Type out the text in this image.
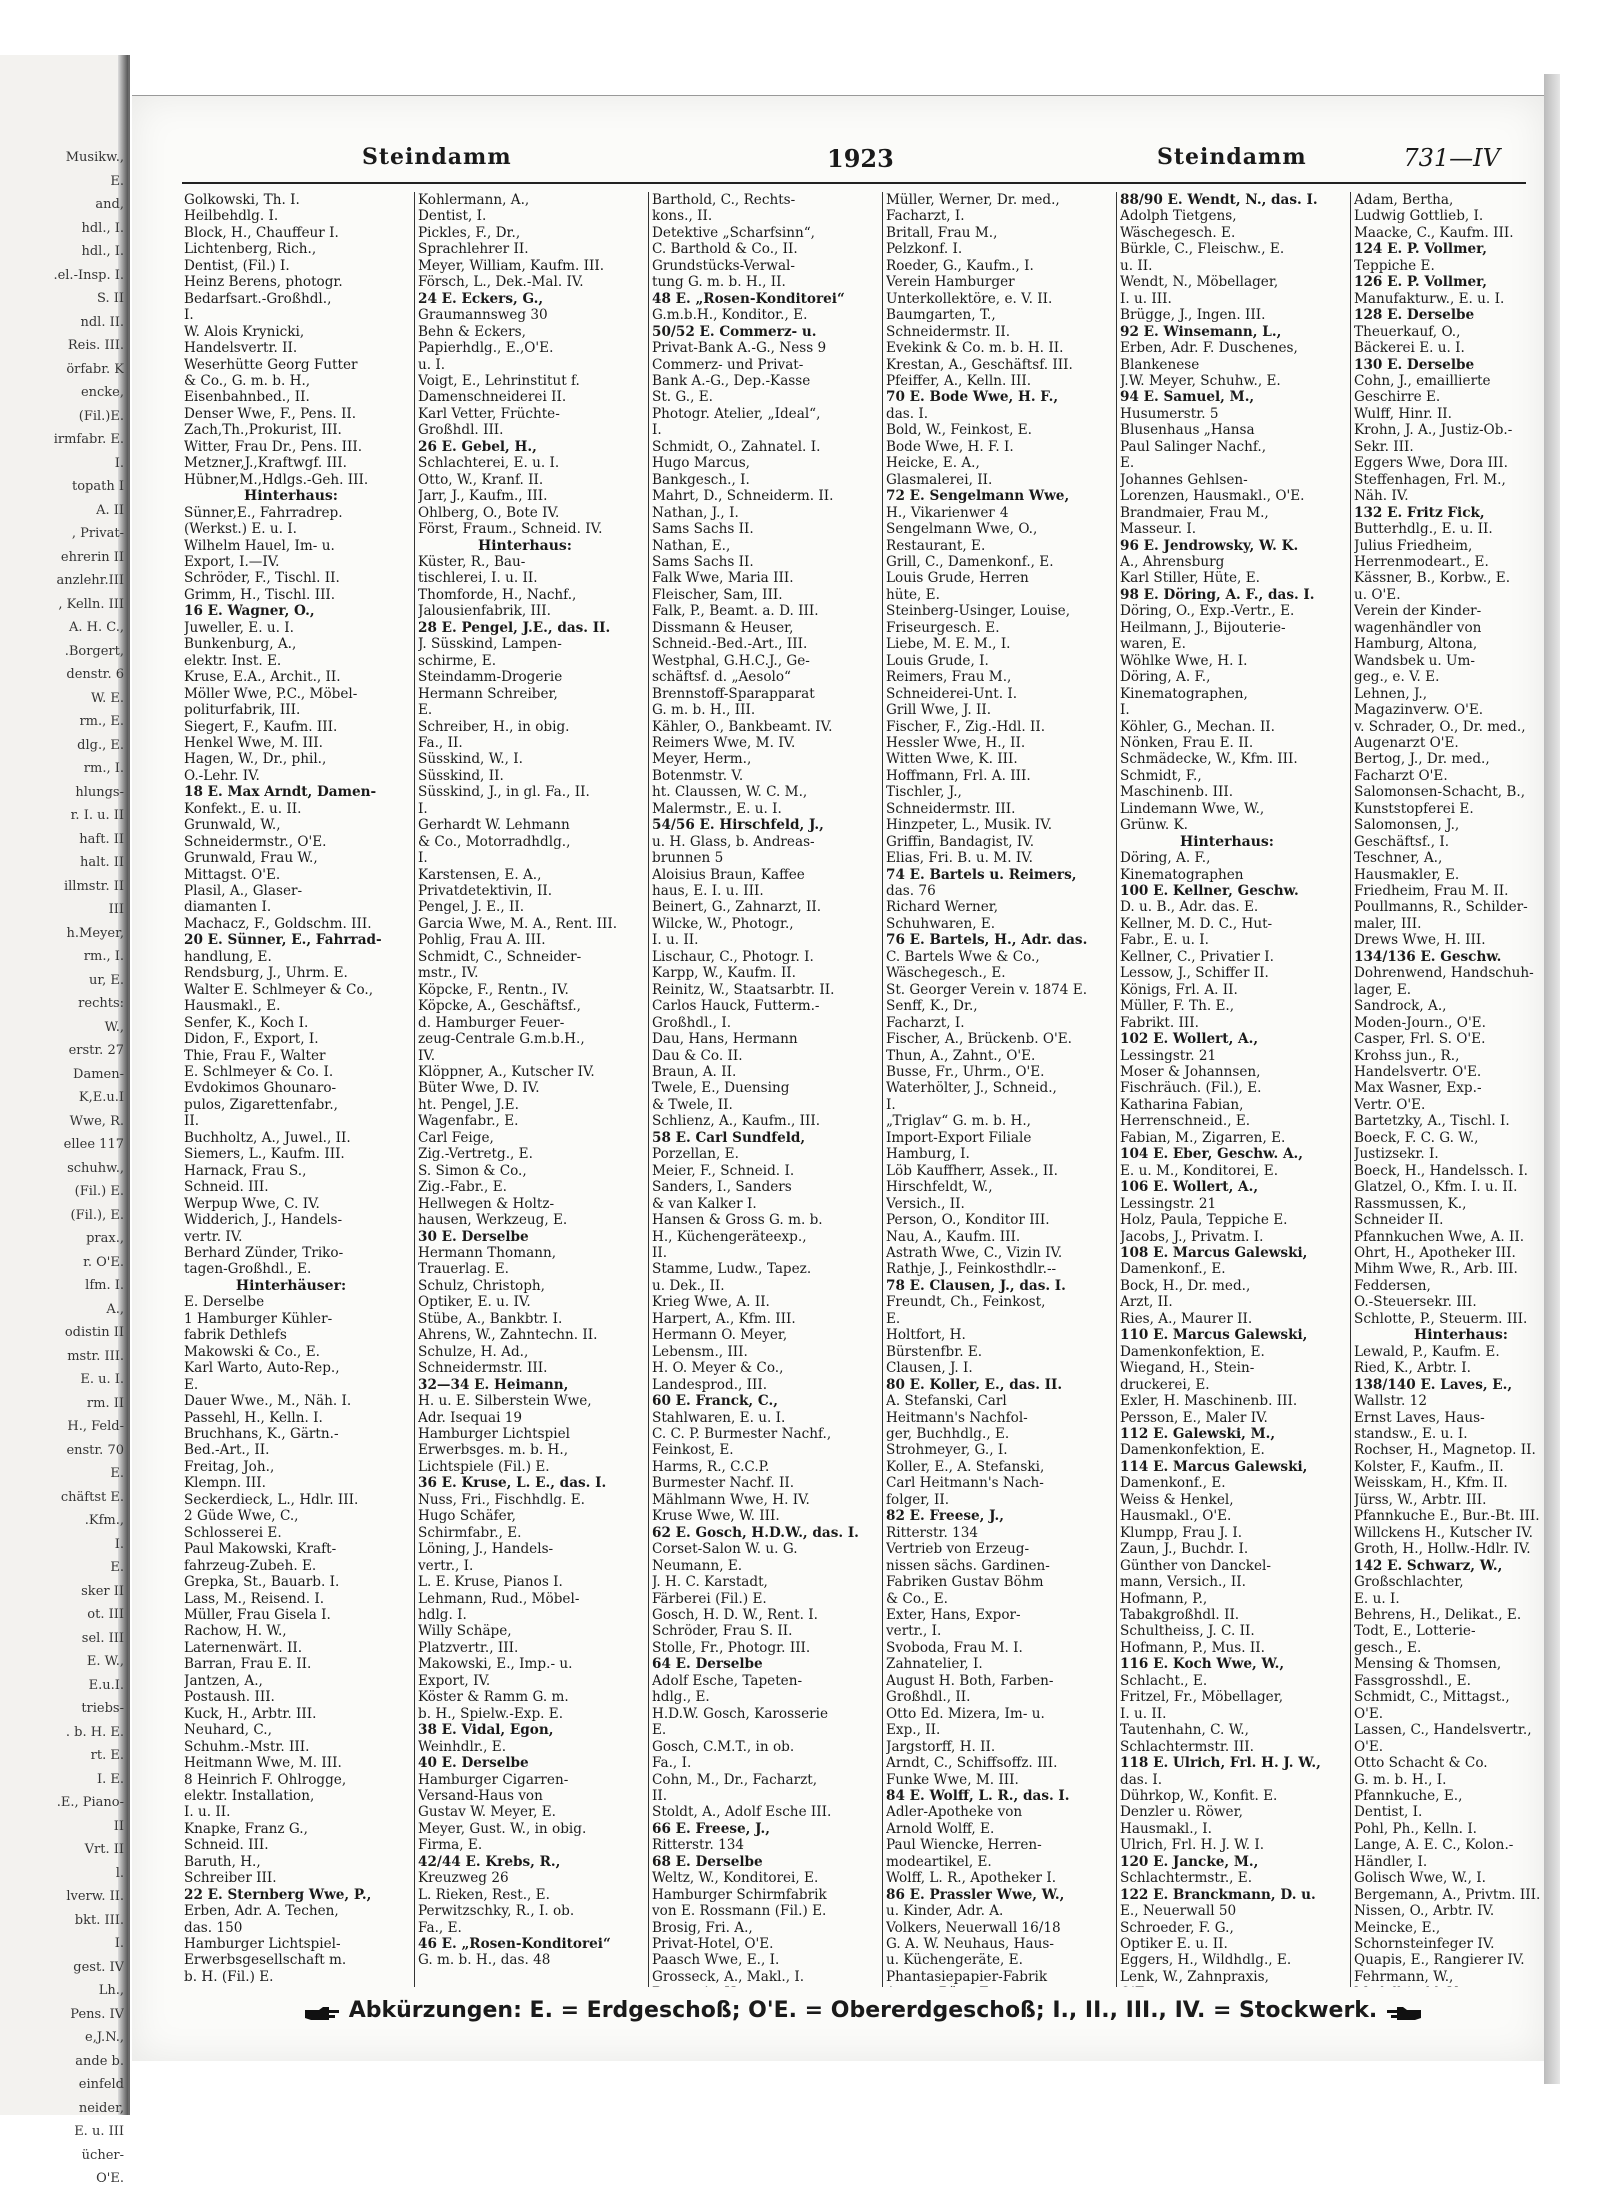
Musikw.,
E.
and,
hdl., I.
hdl., I.
.el.-Insp. I.
S. II
ndl. II.
Reis. III.
örfabr. K
encke,
(Fil.)E.
irmfabr. E.
I.
topath I
A. II
, Privat-
ehrerin II
anzlehr.III
, Kelln. III
A. H. C.,
.Borgert,
denstr. 6
W. E.
rm., E.
dlg., E.
rm., I.
hlungs-
r. I. u. II
haft. II
halt. II
illmstr. II
III
h.Meyer,
rm., I.
ur, E.
rechts:
W.,
erstr. 27
Damen-
K,E.u.I
Wwe, R.
ellee 117
schuhw.,
(Fil.) E.
(Fil.), E.
prax.,
r. O'E.
lfm. I.
A.,
odistin II
mstr. III.
E. u. I.
rm. II
H., Feld-
enstr. 70
E.
chäftst E.
.Kfm.,
I.
E.
sker II
ot. III
sel. III
E. W.,
E.u.I.
triebs-
. b. H. E.
rt. E.
I. E.
.E., Piano-
II
Vrt. II
l.
lverw. II.
bkt. III.
I.
gest. IV
Lh.,
Pens. IV
e,J.N.,
ande b.
einfeld
neider,
E. u. III
ücher-
O'E.
Steindamm	1923	Steindamm	731—IV
Golkowski, Th. I.
Heilbehdlg. I.
Block, H., Chauffeur I.
Lichtenberg, Rich.,
Dentist, (Fil.) I.
Heinz Berens, photogr.
Bedarfsart.-Großhdl.,
I.
W. Alois Krynicki,
Handelsvertr. II.
Weserhütte Georg Futter
& Co., G. m. b. H.,
Eisenbahnbed., II.
Denser Wwe, F., Pens. II.
Zach,Th.,Prokurist, III.
Witter, Frau Dr., Pens. III.
Metzner,J.,Kraftwgf. III.
Hübner,M.,Hdlgs.-Geh. III.
Hinterhaus:
Sünner,E., Fahrradrep.
(Werkst.) E. u. I.
Wilhelm Hauel, Im- u.
Export, I.—IV.
Schröder, F., Tischl. II.
Grimm, H., Tischl. III.
16 E. Wagner, O.,
Juweller, E. u. I.
Bunkenburg, A.,
elektr. Inst. E.
Kruse, E.A., Archit., II.
Möller Wwe, P.C., Möbel-
politurfabrik, III.
Siegert, F., Kaufm. III.
Henkel Wwe, M. III.
Hagen, W., Dr., phil.,
O.-Lehr. IV.
18 E. Max Arndt, Damen-
Konfekt., E. u. II.
Grunwald, W.,
Schneidermstr., O'E.
Grunwald, Frau W.,
Mittagst. O'E.
Plasil, A., Glaser-
diamanten I.
Machacz, F., Goldschm. III.
20 E. Sünner, E., Fahrrad-
handlung, E.
Rendsburg, J., Uhrm. E.
Walter E. Schlmeyer & Co.,
Hausmakl., E.
Senfer, K., Koch I.
Didon, F., Export, I.
Thie, Frau F., Walter
E. Schlmeyer & Co. I.
Evdokimos Ghounaro-
pulos, Zigarettenfabr.,
II.
Buchholtz, A., Juwel., II.
Siemers, L., Kaufm. III.
Harnack, Frau S.,
Schneid. III.
Werpup Wwe, C. IV.
Widderich, J., Handels-
vertr. IV.
Berhard Zünder, Triko-
tagen-Großhdl., E.
Hinterhäuser:
E. Derselbe
1 Hamburger Kühler-
fabrik Dethlefs
Makowski & Co., E.
Karl Warto, Auto-Rep.,
E.
Dauer Wwe., M., Näh. I.
Passehl, H., Kelln. I.
Bruchhans, K., Gärtn.-
Bed.-Art., II.
Freitag, Joh.,
Klempn. III.
Seckerdieck, L., Hdlr. III.
2 Güde Wwe, C.,
Schlosserei E.
Paul Makowski, Kraft-
fahrzeug-Zubeh. E.
Grepka, St., Bauarb. I.
Lass, M., Reisend. I.
Müller, Frau Gisela I.
Rachow, H. W.,
Laternenwärt. II.
Barran, Frau E. II.
Jantzen, A.,
Postaush. III.
Kuck, H., Arbtr. III.
Neuhard, C.,
Schuhm.-Mstr. III.
Heitmann Wwe, M. III.
8 Heinrich F. Ohlrogge,
elektr. Installation,
I. u. II.
Knapke, Franz G.,
Schneid. III.
Baruth, H.,
Schreiber III.
22 E. Sternberg Wwe, P.,
Erben, Adr. A. Techen,
das. 150
Hamburger Lichtspiel-
Erwerbsgesellschaft m.
b. H. (Fil.) E.
Kohlermann, A.,
Dentist, I.
Pickles, F., Dr.,
Sprachlehrer II.
Meyer, William, Kaufm. III.
Försch, L., Dek.-Mal. IV.
24 E. Eckers, G.,
Graumannsweg 30
Behn & Eckers,
Papierhdlg., E.,O'E.
u. I.
Voigt, E., Lehrinstitut f.
Damenschneiderei II.
Karl Vetter, Früchte-
Großhdl. III.
26 E. Gebel, H.,
Schlachterei, E. u. I.
Otto, W., Kranf. II.
Jarr, J., Kaufm., III.
Ohlberg, O., Bote IV.
Först, Fraum., Schneid. IV.
Hinterhaus:
Küster, R., Bau-
tischlerei, I. u. II.
Thomforde, H., Nachf.,
Jalousienfabrik, III.
28 E. Pengel, J.E., das. II.
J. Süsskind, Lampen-
schirme, E.
Steindamm-Drogerie
Hermann Schreiber,
E.
Schreiber, H., in obig.
Fa., II.
Süsskind, W., I.
Süsskind, II.
Süsskind, J., in gl. Fa., II.
I.
Gerhardt W. Lehmann
& Co., Motorradhdlg.,
I.
Karstensen, E. A.,
Privatdetektivin, II.
Pengel, J. E., II.
Garcia Wwe, M. A., Rent. III.
Pohlig, Frau A. III.
Schmidt, C., Schneider-
mstr., IV.
Köpcke, F., Rentn., IV.
Köpcke, A., Geschäftsf.,
d. Hamburger Feuer-
zeug-Centrale G.m.b.H.,
IV.
Klöppner, A., Kutscher IV.
Büter Wwe, D. IV.
ht. Pengel, J.E.
Wagenfabr., E.
Carl Feige,
Zig.-Vertretg., E.
S. Simon & Co.,
Zig.-Fabr., E.
Hellwegen & Holtz-
hausen, Werkzeug, E.
30 E. Derselbe
Hermann Thomann,
Trauerlag. E.
Schulz, Christoph,
Optiker, E. u. IV.
Stübe, A., Bankbtr. I.
Ahrens, W., Zahntechn. II.
Schulze, H. Ad.,
Schneidermstr. III.
32—34 E. Heimann,
H. u. E. Silberstein Wwe,
Adr. Isequai 19
Hamburger Lichtspiel
Erwerbsges. m. b. H.,
Lichtspiele (Fil.) E.
36 E. Kruse, L. E., das. I.
Nuss, Fri., Fischhdlg. E.
Hugo Schäfer,
Schirmfabr., E.
Löning, J., Handels-
vertr., I.
L. E. Kruse, Pianos I.
Lehmann, Rud., Möbel-
hdlg. I.
Willy Schäpe,
Platzvertr., III.
Makowski, E., Imp.- u.
Export, IV.
Köster & Ramm G. m.
b. H., Spielw.-Exp. E.
38 E. Vidal, Egon,
Weinhdlr., E.
40 E. Derselbe
Hamburger Cigarren-
Versand-Haus von
Gustav W. Meyer, E.
Meyer, Gust. W., in obig.
Firma, E.
42/44 E. Krebs, R.,
Kreuzweg 26
L. Rieken, Rest., E.
Perwitzschky, R., I. ob.
Fa., E.
46 E. „Rosen-Konditorei“
G. m. b. H., das. 48
Barthold, C., Rechts-
kons., II.
Detektive „Scharfsinn“,
C. Barthold & Co., II.
Grundstücks-Verwal-
tung G. m. b. H., II.
48 E. „Rosen-Konditorei“
G.m.b.H., Konditor., E.
50/52 E. Commerz- u.
Privat-Bank A.-G., Ness 9
Commerz- und Privat-
Bank A.-G., Dep.-Kasse
St. G., E.
Photogr. Atelier, „Ideal“,
I.
Schmidt, O., Zahnatel. I.
Hugo Marcus,
Bankgesch., I.
Mahrt, D., Schneiderm. II.
Nathan, J., I.
Sams Sachs II.
Nathan, E.,
Sams Sachs II.
Falk Wwe, Maria III.
Fleischer, Sam, III.
Falk, P., Beamt. a. D. III.
Dissmann & Heuser,
Schneid.-Bed.-Art., III.
Westphal, G.H.C.J., Ge-
schäftsf. d. „Aesolo“
Brennstoff-Sparapparat
G. m. b. H., III.
Kähler, O., Bankbeamt. IV.
Reimers Wwe, M. IV.
Meyer, Herm.,
Botenmstr. V.
ht. Claussen, W. C. M.,
Malermstr., E. u. I.
54/56 E. Hirschfeld, J.,
u. H. Glass, b. Andreas-
brunnen 5
Aloisius Braun, Kaffee
haus, E. I. u. III.
Beinert, G., Zahnarzt, II.
Wilcke, W., Photogr.,
I. u. II.
Lischaur, C., Photogr. I.
Karpp, W., Kaufm. II.
Reinitz, W., Staatsarbtr. II.
Carlos Hauck, Futterm.-
Großhdl., I.
Dau, Hans, Hermann
Dau & Co. II.
Braun, A. II.
Twele, E., Duensing
& Twele, II.
Schlienz, A., Kaufm., III.
58 E. Carl Sundfeld,
Porzellan, E.
Meier, F., Schneid. I.
Sanders, I., Sanders
& van Kalker I.
Hansen & Gross G. m. b.
H., Küchengeräteexp.,
II.
Stamme, Ludw., Tapez.
u. Dek., II.
Krieg Wwe, A. II.
Harpert, A., Kfm. III.
Hermann O. Meyer,
Lebensm., III.
H. O. Meyer & Co.,
Landesprod., III.
60 E. Franck, C.,
Stahlwaren, E. u. I.
C. C. P. Burmester Nachf.,
Feinkost, E.
Harms, R., C.C.P.
Burmester Nachf. II.
Mählmann Wwe, H. IV.
Kruse Wwe, W. III.
62 E. Gosch, H.D.W., das. I.
Corset-Salon W. u. G.
Neumann, E.
J. H. C. Karstadt,
Färberei (Fil.) E.
Gosch, H. D. W., Rent. I.
Schröder, Frau S. II.
Stolle, Fr., Photogr. III.
64 E. Derselbe
Adolf Esche, Tapeten-
hdlg., E.
H.D.W. Gosch, Karosserie
E.
Gosch, C.M.T., in ob.
Fa., I.
Cohn, M., Dr., Facharzt,
II.
Stoldt, A., Adolf Esche III.
66 E. Freese, J.,
Ritterstr. 134
68 E. Derselbe
Weltz, W., Konditorei, E.
Hamburger Schirmfabrik
von E. Rossmann (Fil.) E.
Brosig, Fri. A.,
Privat-Hotel, O'E.
Paasch Wwe, E., I.
Grosseck, A., Makl., I.
Müller, Werner, Dr. med.,
Facharzt, I.
Britall, Frau M.,
Pelzkonf. I.
Roeder, G., Kaufm., I.
Verein Hamburger
Unterkollektöre, e. V. II.
Baumgarten, T.,
Schneidermstr. II.
Evekink & Co. m. b. H. II.
Krestan, A., Geschäftsf. III.
Pfeiffer, A., Kelln. III.
70 E. Bode Wwe, H. F.,
das. I.
Bold, W., Feinkost, E.
Bode Wwe, H. F. I.
Heicke, E. A.,
Glasmalerei, II.
72 E. Sengelmann Wwe,
H., Vikarienwег 4
Sengelmann Wwe, O.,
Restaurant, E.
Grill, C., Damenkonf., E.
Louis Grude, Herren
hüte, E.
Steinberg-Usinger, Louise,
Friseurgesch. E.
Liebe, M. E. M., I.
Louis Grude, I.
Reimers, Frau M.,
Schneiderei-Unt. I.
Grill Wwe, J. II.
Fischer, F., Zig.-Hdl. II.
Hessler Wwe, H., II.
Witten Wwe, K. III.
Hoffmann, Frl. A. III.
Tischler, J.,
Schneidermstr. III.
Hinzpeter, L., Musik. IV.
Griffin, Bandagist, IV.
Elias, Fri. B. u. M. IV.
74 E. Bartels u. Reimers,
das. 76
Richard Werner,
Schuhwaren, E.
76 E. Bartels, H., Adr. das.
C. Bartels Wwe & Co.,
Wäschegesch., E.
St. Georger Verein v. 1874 E.
Senff, K., Dr.,
Facharzt, I.
Fischer, A., Brückenb. O'E.
Thun, A., Zahnt., O'E.
Busse, Fr., Uhrm., O'E.
Waterhölter, J., Schneid.,
I.
„Triglav“ G. m. b. H.,
Import-Export Filiale
Hamburg, I.
Löb Kauffherr, Assek., II.
Hirschfeldt, W.,
Versich., II.
Person, O., Konditor III.
Nau, A., Kaufm. III.
Astrath Wwe, C., Vizin IV.
Rathje, J., Feinkosthdlr.--
78 E. Clausen, J., das. I.
Freundt, Ch., Feinkost,
E.
Holtfort, H.
Bürstenfbr. E.
Clausen, J. I.
80 E. Koller, E., das. II.
A. Stefanski, Carl
Heitmann's Nachfol-
ger, Buchhdlg., E.
Strohmeyer, G., I.
Koller, E., A. Stefanski,
Carl Heitmann's Nach-
folger, II.
82 E. Freese, J.,
Ritterstr. 134
Vertrieb von Erzeug-
nissen sächs. Gardinen-
Fabriken Gustav Böhm
& Co., E.
Exter, Hans, Expor-
vertr., I.
Svoboda, Frau M. I.
Zahnatelier, I.
August H. Both, Farben-
Großhdl., II.
Otto Ed. Mizera, Im- u.
Exp., II.
Jargstorff, H. II.
Arndt, C., Schiffsoffz. III.
Funke Wwe, M. III.
84 E. Wolff, L. R., das. I.
Adler-Apotheke von
Arnold Wolff, E.
Paul Wiencke, Herren-
modeartikel, E.
Wolff, L. R., Apotheker I.
86 E. Prassler Wwe, W.,
u. Kinder, Adr. A.
Volkers, Neuerwall 16/18
G. A. W. Neuhaus, Haus-
u. Küchengeräte, E.
Phantasiepapier-Fabrik
88/90 E. Wendt, N., das. I.
Adolph Tietgens,
Wäschegesch. E.
Bürkle, C., Fleischw., E.
u. II.
Wendt, N., Möbellager,
I. u. III.
Brügge, J., Ingen. III.
92 E. Winsemann, L.,
Erben, Adr. F. Duschenes,
Blankenese
J.W. Meyer, Schuhw., E.
94 E. Samuel, M.,
Husumerstr. 5
Blusenhaus „Hansa
Paul Salinger Nachf.,
E.
Johannes Gehlsen-
Lorenzen, Hausmakl., O'E.
Brandmaier, Frau M.,
Masseur. I.
96 E. Jendrowsky, W. K.
A., Ahrensburg
Karl Stiller, Hüte, E.
98 E. Döring, A. F., das. I.
Döring, O., Exp.-Vertr., E.
Heilmann, J., Bijouterie-
waren, E.
Wöhlke Wwe, H. I.
Döring, A. F.,
Kinematographen,
I.
Köhler, G., Mechan. II.
Nönken, Frau E. II.
Schmädecke, W., Kfm. III.
Schmidt, F.,
Maschinenb. III.
Lindemann Wwe, W.,
Grünw. K.
Hinterhaus:
Döring, A. F.,
Kinematographen
100 E. Kellner, Geschw.
D. u. B., Adr. das. E.
Kellner, M. D. C., Hut-
Fabr., E. u. I.
Kellner, C., Privatier I.
Lessow, J., Schiffer II.
Königs, Frl. A. II.
Müller, F. Th. E.,
Fabrikt. III.
102 E. Wollert, A.,
Lessingstr. 21
Moser & Johannsen,
Fischräuch. (Fil.), E.
Katharina Fabian,
Herrenschneid., E.
Fabian, M., Zigarren, E.
104 E. Eber, Geschw. A.,
E. u. M., Konditorei, E.
106 E. Wollert, A.,
Lessingstr. 21
Holz, Paula, Teppiche E.
Jacobs, J., Privatm. I.
108 E. Marcus Galewski,
Damenkonf., E.
Bock, H., Dr. med.,
Arzt, II.
Ries, A., Maurer II.
110 E. Marcus Galewski,
Damenkonfektion, E.
Wiegand, H., Stein-
druckerei, E.
Exler, H. Maschinenb. III.
Persson, E., Maler IV.
112 E. Galewski, M.,
Damenkonfektion, E.
114 E. Marcus Galewski,
Damenkonf., E.
Weiss & Henkel,
Hausmakl., O'E.
Klumpp, Frau J. I.
Zaun, J., Buchdr. I.
Günther von Danckel-
mann, Versich., II.
Hofmann, P.,
Tabakgroßhdl. II.
Schultheiss, J. C. II.
Hofmann, P., Mus. II.
116 E. Koch Wwe, W.,
Schlacht., E.
Fritzel, Fr., Möbellager,
I. u. II.
Tautenhahn, C. W.,
Schlachtermstr. III.
118 E. Ulrich, Frl. H. J. W.,
das. I.
Dührkop, W., Konfit. E.
Denzler u. Röwer,
Hausmakl., I.
Ulrich, Frl. H. J. W. I.
120 E. Jancke, M.,
Schlachtermstr., E.
122 E. Branckmann, D. u.
E., Neuerwall 50
Schroeder, F. G.,
Optiker E. u. II.
Eggers, H., Wildhdlg., E.
Lenk, W., Zahnpraxis,
Adam, Bertha,
Ludwig Gottlieb, I.
Maacke, C., Kaufm. III.
124 E. P. Vollmer,
Teppiche E.
126 E. P. Vollmer,
Manufakturw., E. u. I.
128 E. Derselbe
Theuerkauf, O.,
Bäckerei E. u. I.
130 E. Derselbe
Cohn, J., emaillierte
Geschirre E.
Wulff, Hinr. II.
Krohn, J. A., Justiz-Ob.-
Sekr. III.
Eggers Wwe, Dora III.
Steffenhagen, Frl. M.,
Näh. IV.
132 E. Fritz Fick,
Butterhdlg., E. u. II.
Julius Friedheim,
Herrenmodeart., E.
Kässner, B., Korbw., E.
u. O'E.
Verein der Kinder-
wagenhändler von
Hamburg, Altona,
Wandsbek u. Um-
geg., e. V. E.
Lehnen, J.,
Magazinverw. O'E.
v. Schrader, O., Dr. med.,
Augenarzt O'E.
Bertog, J., Dr. med.,
Facharzt O'E.
Salomonsen-Schacht, B.,
Kunststopferei E.
Salomonsen, J.,
Geschäftsf., I.
Teschner, A.,
Hausmakler, E.
Friedheim, Frau M. II.
Poullmanns, R., Schilder-
maler, III.
Drews Wwe, H. III.
134/136 E. Geschw.
Dohrenwend, Handschuh-
lager, E.
Sandrock, A.,
Moden-Journ., O'E.
Casper, Frl. S. O'E.
Krohss jun., R.,
Handelsvertr. O'E.
Max Wasner, Exp.-
Vertr. O'E.
Bartetzky, A., Tischl. I.
Boeck, F. C. G. W.,
Justizsekr. I.
Boeck, H., Handelssch. I.
Glatzel, O., Kfm. I. u. II.
Rassmussen, K.,
Schneider II.
Pfannkuchen Wwe, A. II.
Ohrt, H., Apotheker III.
Mihm Wwe, R., Arb. III.
Feddersen,
O.-Steuersekr. III.
Schlotte, P., Steuerm. III.
Hinterhaus:
Lewald, P., Kaufm. E.
Ried, K., Arbtr. I.
138/140 E. Laves, E.,
Wallstr. 12
Ernst Laves, Haus-
standsw., E. u. I.
Rochser, H., Magnetop. II.
Kolster, F., Kaufm., II.
Weisskam, H., Kfm. II.
Jürss, W., Arbtr. III.
Pfannkuche E., Bur.-Bt. III.
Willckens H., Kutscher IV.
Groth, H., Hollw.-Hdlr. IV.
142 E. Schwarz, W.,
Großschlachter,
E. u. I.
Behrens, H., Delikat., E.
Todt, E., Lotterie-
gesch., E.
Mensing & Thomsen,
Fassgrosshdl., E.
Schmidt, C., Mittagst.,
O'E.
Lassen, C., Handelsvertr.,
O'E.
Otto Schacht & Co.
G. m. b. H., I.
Pfannkuche, E.,
Dentist, I.
Pohl, Ph., Kelln. I.
Lange, A. E. C., Kolon.-
Händler, I.
Golisch Wwe, W., I.
Bergemann, A., Privtm. III.
Nissen, O., Arbtr. IV.
Meincke, E.,
Schornsteinfeger IV.
Quapis, E., Rangierer IV.
Fehrmann, W.,
Abkürzungen: E. = Erdgeschoß; O'E. = Obererdgeschoß; I., II., III., IV. = Stockwerk.
